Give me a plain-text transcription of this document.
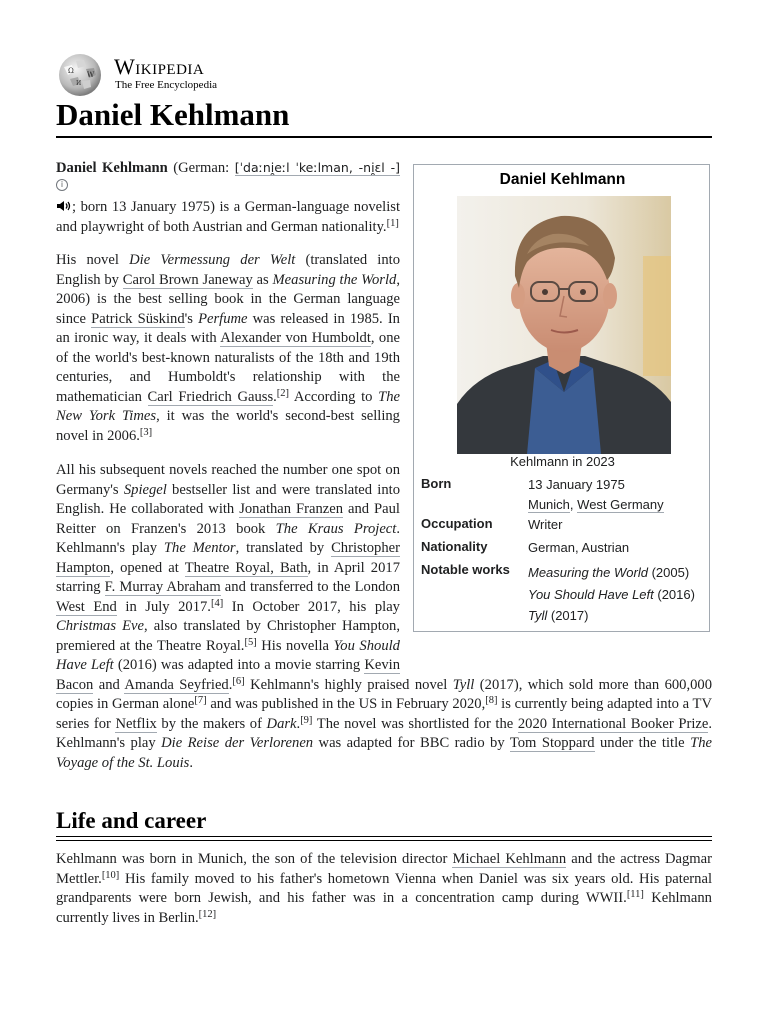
Ω W
И
Wikipedia
The Free Encyclopedia
Daniel Kehlmann
Daniel Kehlmann
Kehlmann in 2023
Born	13 January 1975
Munich, West Germany
Occupation	Writer
Nationality	German, Austrian
Notable works Measuring the World (2005)
You Should Have Left (2016)
Tyll (2017)

Daniel Kehlmann (German: [ˈdaːni̯eːl ˈkeːlman, -ni̯ɛl -] i
; born 13 January 1975) is a German-language novelist and playwright of both Austrian and German nationality.[1]

His novel Die Vermessung der Welt (translated into English by Carol Brown Janeway as Measuring the World, 2006) is the best selling book in the German language since Patrick Süskind's Perfume was released in 1985. In an ironic way, it deals with Alexander von Humboldt, one of the world's best-known naturalists of the 18th and 19th centuries, and Humboldt's relationship with the mathematician Carl Friedrich Gauss.[2] According to The New York Times, it was the world's second-best selling novel in 2006.[3]

All his subsequent novels reached the number one spot on Germany's Spiegel bestseller list and were translated into English. He collaborated with Jonathan Franzen and Paul Reitter on Franzen's 2013 book The Kraus Project. Kehlmann's play The Mentor, translated by Christopher Hampton, opened at Theatre Royal, Bath, in April 2017 starring F. Murray Abraham and transferred to the London West End in July 2017.[4] In October 2017, his play Christmas Eve, also translated by Christopher Hampton, premiered at the Theatre Royal.[5] His novella You Should Have Left (2016) was adapted into a movie starring Kevin Bacon and Amanda Seyfried.[6] Kehlmann's highly praised novel Tyll (2017), which sold more than 600,000 copies in German alone[7] and was published in the US in February 2020,[8] is currently being adapted into a TV series for Netflix by the makers of Dark.[9] The novel was shortlisted for the 2020 International Booker Prize. Kehlmann's play Die Reise der Verlorenen was adapted for BBC radio by Tom Stoppard under the title The Voyage of the St. Louis.

Life and career

Kehlmann was born in Munich, the son of the television director Michael Kehlmann and the actress Dagmar Mettler.[10] His family moved to his father's hometown Vienna when Daniel was six years old. His paternal grandparents were born Jewish, and his father was in a concentration camp during WWII.[11] Kehlmann currently lives in Berlin.[12]
